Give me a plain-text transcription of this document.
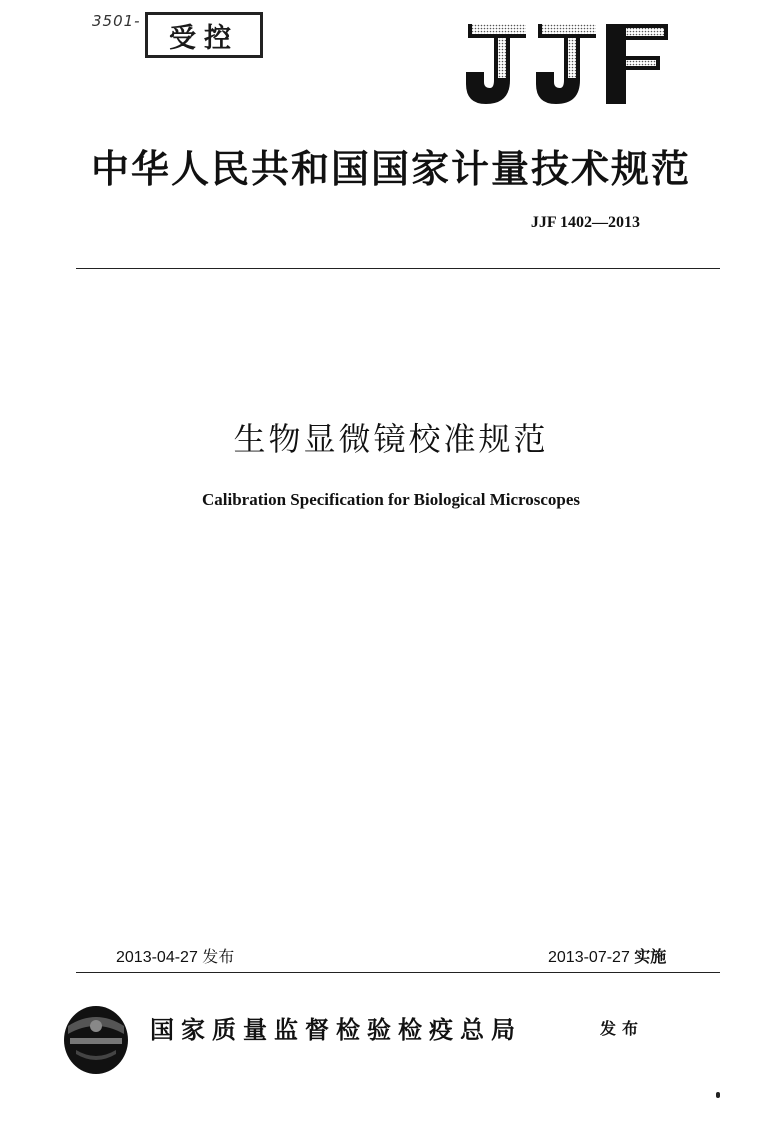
3501-
受控
中华人民共和国国家计量技术规范
JJF 1402—2013
生物显微镜校准规范
Calibration Specification for Biological Microscopes
2013-04-27 发布	2013-07-27 实施
国家质量监督检验检疫总局	发布
